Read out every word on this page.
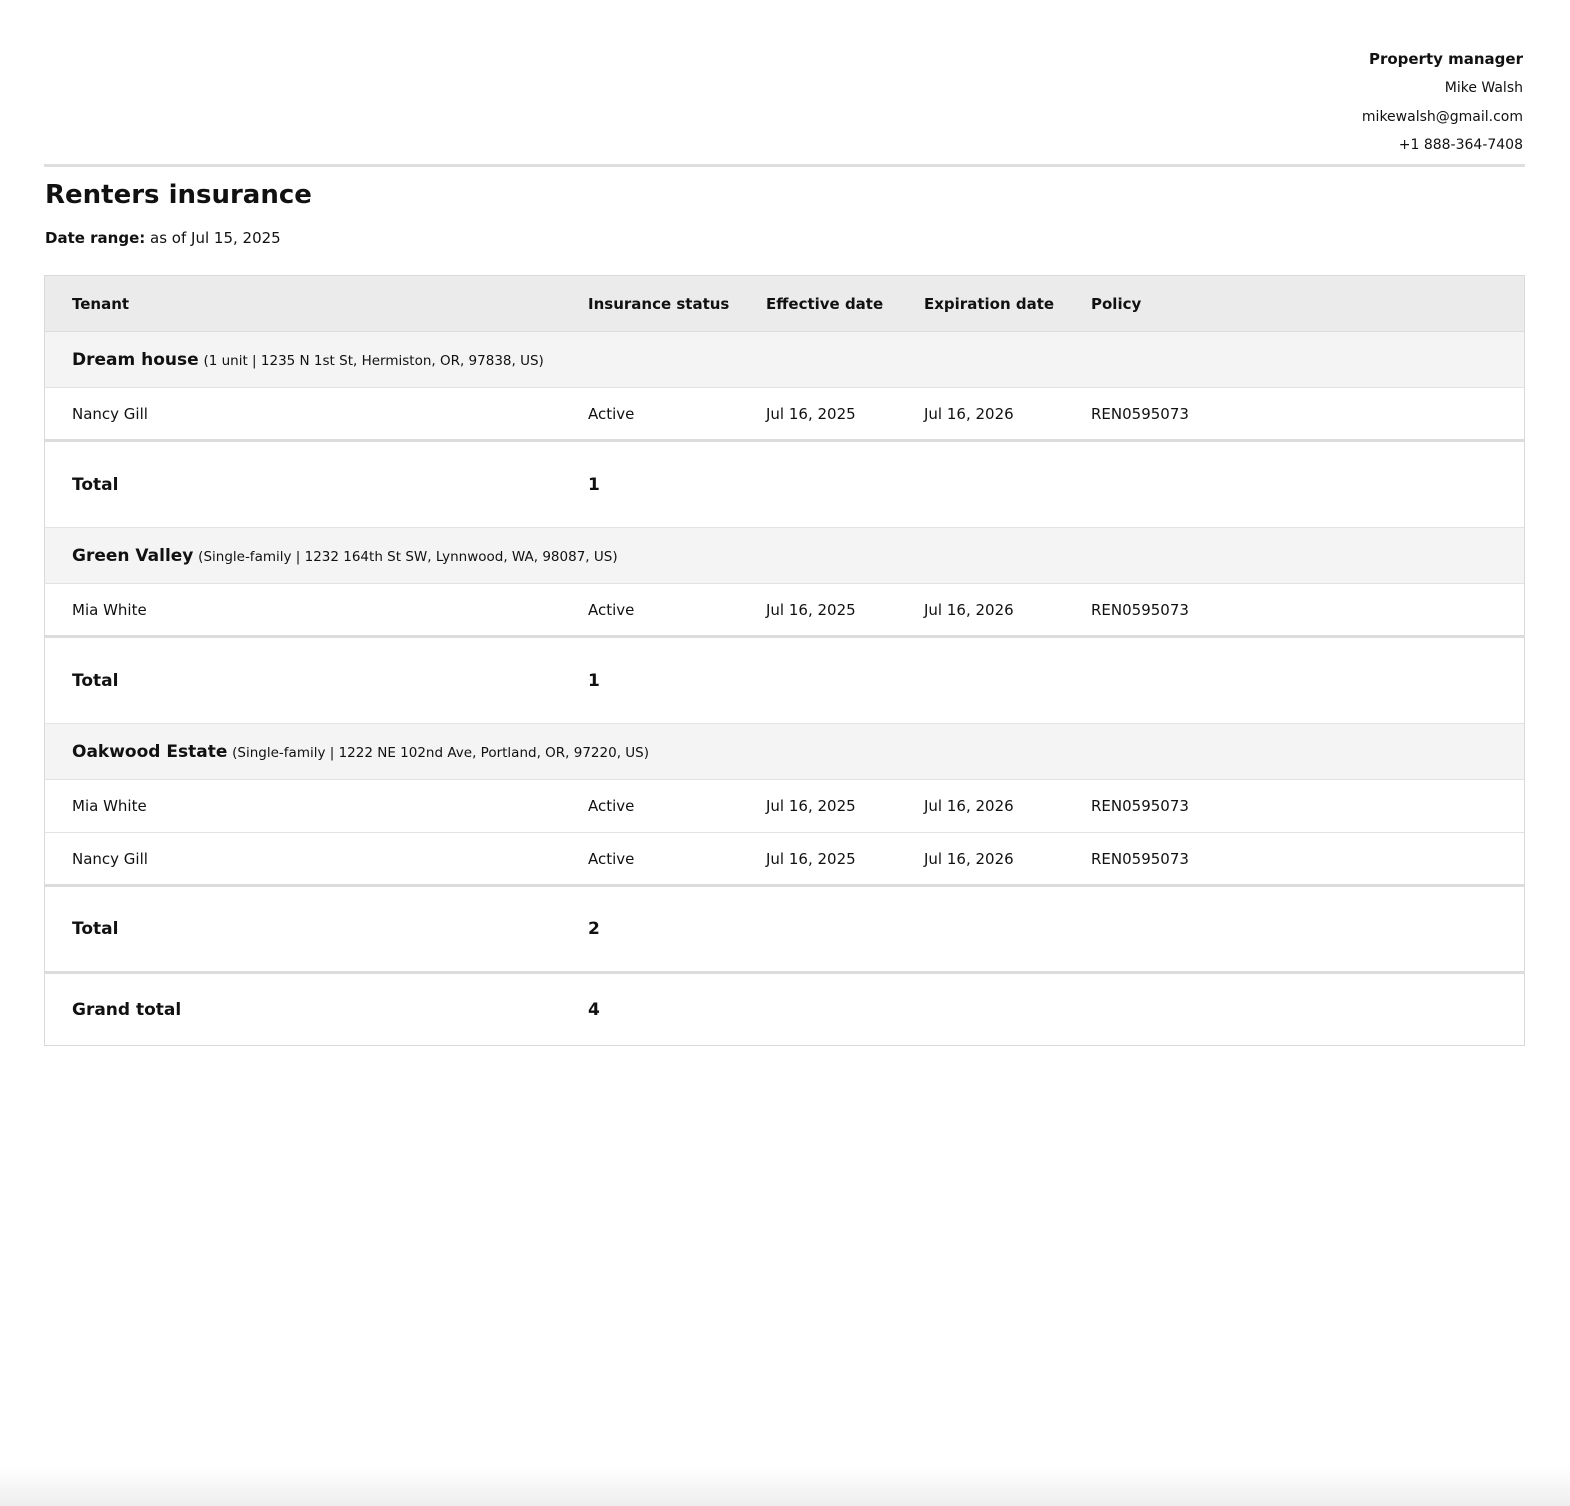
Property manager
Mike Walsh
mikewalsh@gmail.com
+1 888-364-7408
Renters insurance
Date range: as of Jul 15, 2025
Tenant	Insurance status	Effective date	Expiration date	Policy
Dream house (1 unit | 1235 N 1st St, Hermiston, OR, 97838, US)				
Nancy Gill	Active	Jul 16, 2025	Jul 16, 2026	REN0595073
Total	1			
Green Valley (Single-family | 1232 164th St SW, Lynnwood, WA, 98087, US)				
Mia White	Active	Jul 16, 2025	Jul 16, 2026	REN0595073
Total	1			
Oakwood Estate (Single-family | 1222 NE 102nd Ave, Portland, OR, 97220, US)				
Mia White	Active	Jul 16, 2025	Jul 16, 2026	REN0595073
Nancy Gill	Active	Jul 16, 2025	Jul 16, 2026	REN0595073
Total	2			
Grand total	4			
